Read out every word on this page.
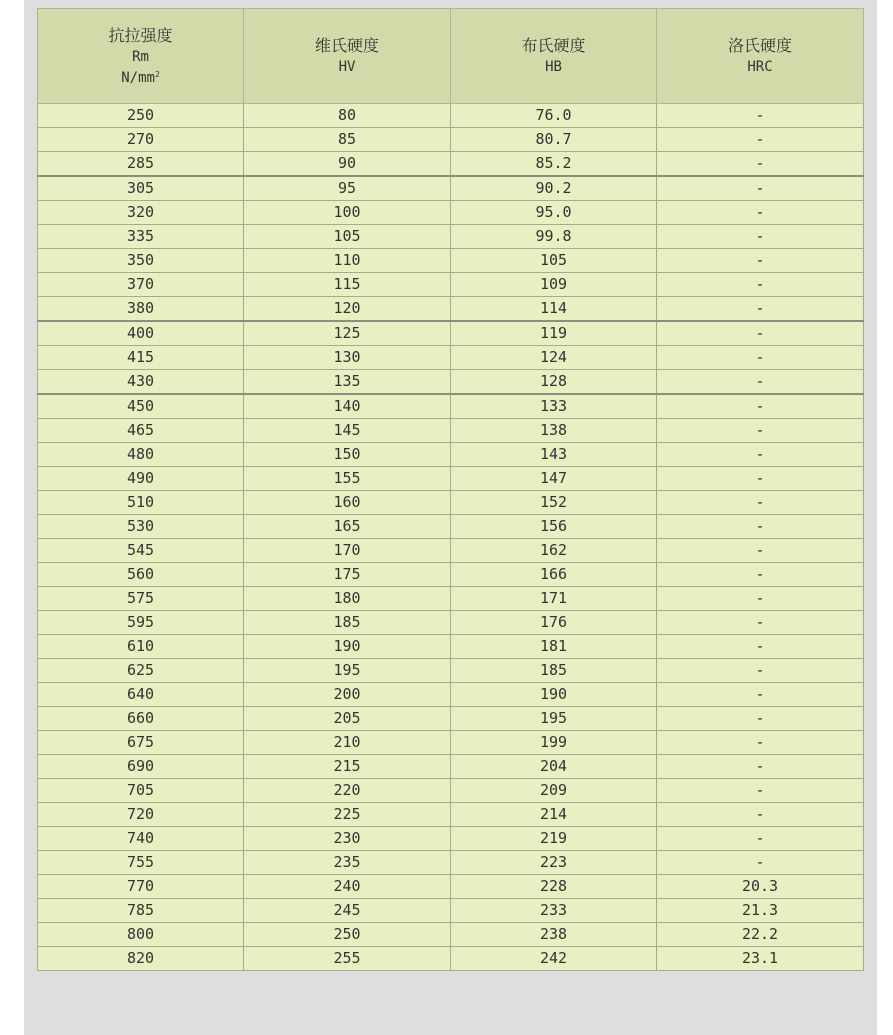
抗拉强度
Rm
$N/mm^2$	维氏硬度
HV	布氏硬度
HB	洛氏硬度
HRC

250	80	76.0	-
270	85	80.7	-
285	90	85.2	-
305	95	90.2	-
320	100	95.0	-
335	105	99.8	-
350	110	105	-
370	115	109	-
380	120	114	-
400	125	119	-
415	130	124	-
430	135	128	-
450	140	133	-
465	145	138	-
480	150	143	-
490	155	147	-
510	160	152	-
530	165	156	-
545	170	162	-
560	175	166	-
575	180	171	-
595	185	176	-
610	190	181	-
625	195	185	-
640	200	190	-
660	205	195	-
675	210	199	-
690	215	204	-
705	220	209	-
720	225	214	-
740	230	219	-
755	235	223	-
770	240	228	20.3
785	245	233	21.3
800	250	238	22.2
820	255	242	23.1
